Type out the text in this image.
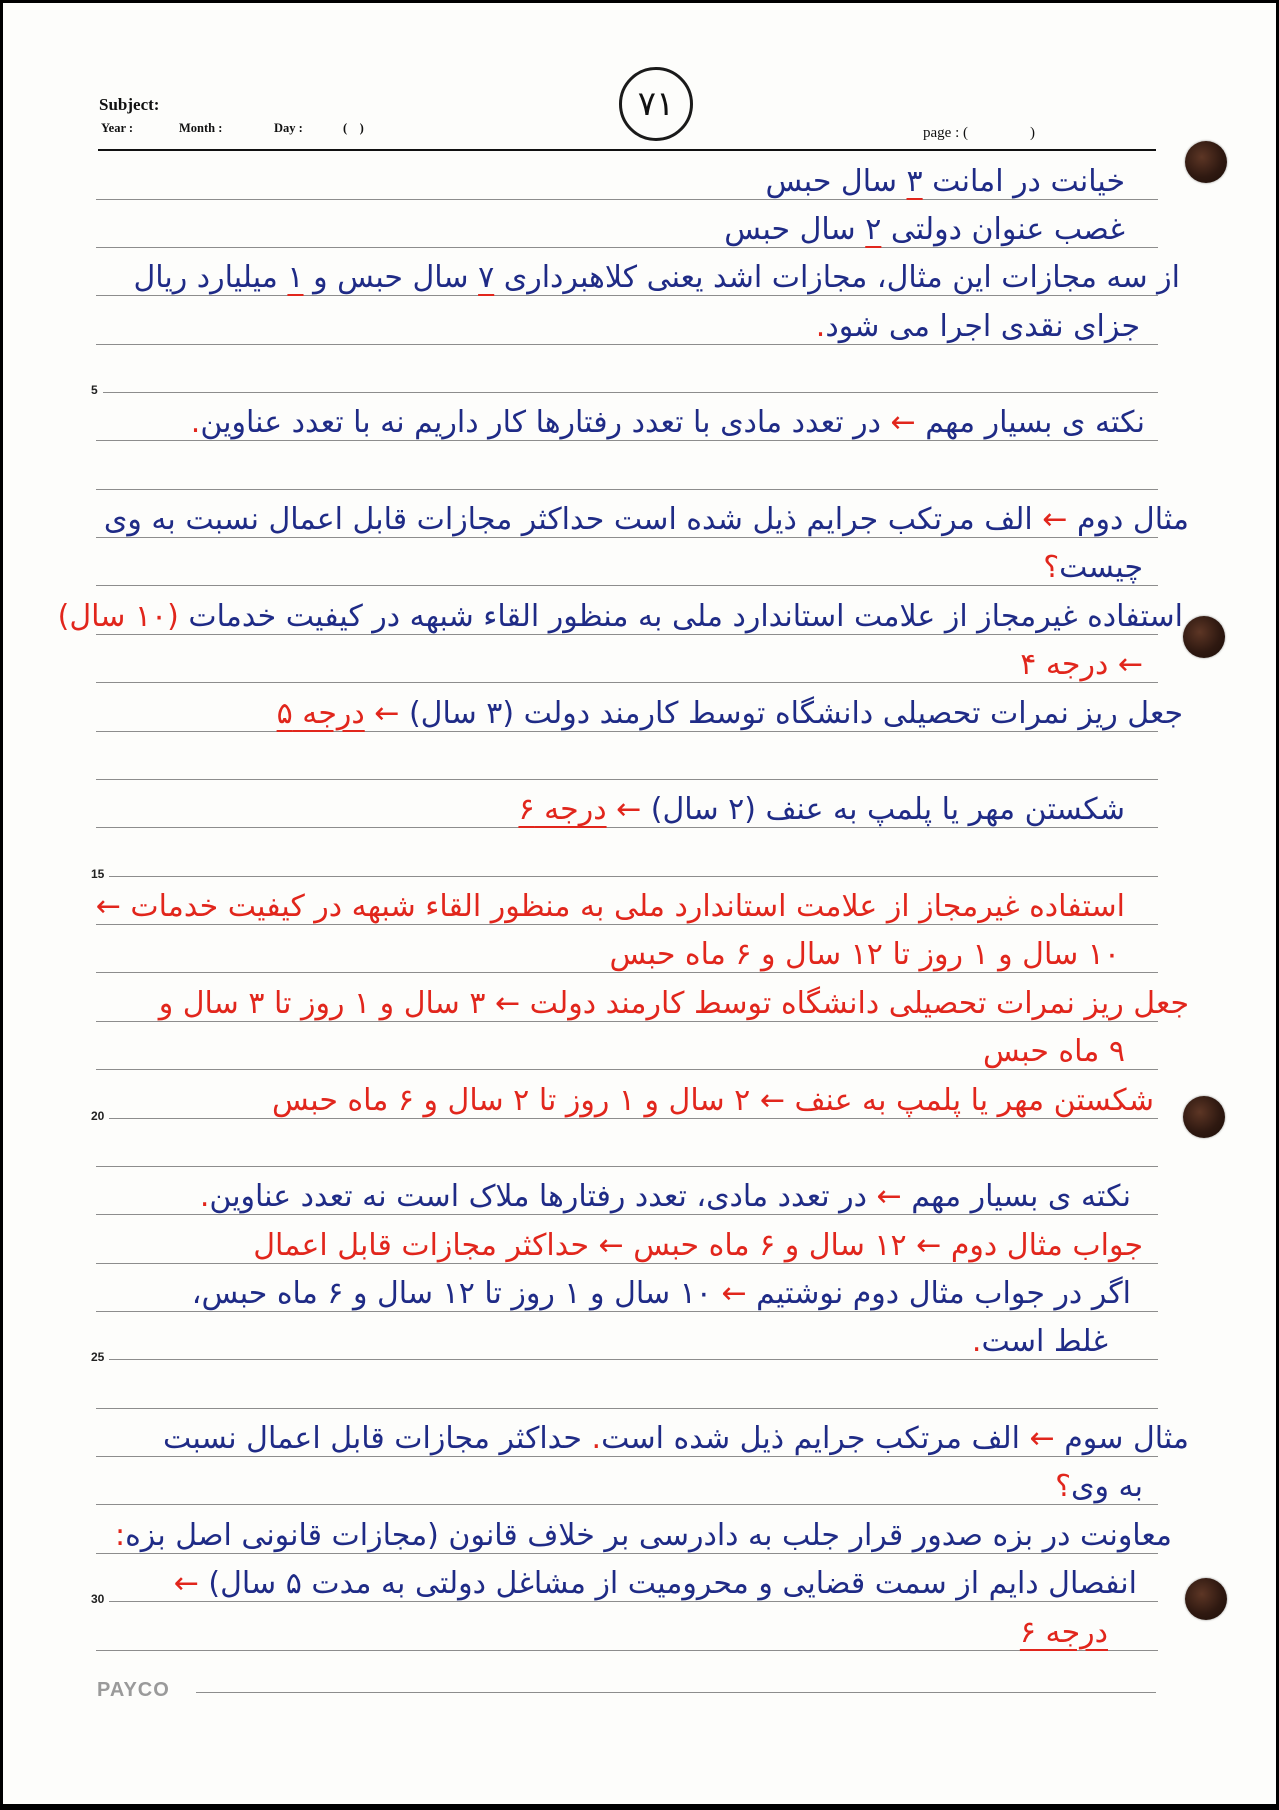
Subject:
Year :	Month :	Day :	(    )
۷۱
page : (	)
5
15
20
25
30
خیانت در امانت ۳ سال حبس
غصب عنوان دولتی ۲ سال حبس
از سه مجازات این مثال، مجازات اشد یعنی کلاهبرداری ۷ سال حبس و ۱ میلیارد ریال
جزای نقدی اجرا می شود.
نکته ی بسیار مهم ← در تعدد مادی با تعدد رفتارها کار داریم نه با تعدد عناوین.
مثال دوم ← الف مرتکب جرایم ذیل شده است حداکثر مجازات قابل اعمال نسبت به وی
چیست؟
استفاده غیرمجاز از علامت استاندارد ملی به منظور القاء شبهه در کیفیت خدمات (۱۰ سال)
← درجه ۴
جعل ریز نمرات تحصیلی دانشگاه توسط کارمند دولت (۳ سال) ← درجه ۵
شکستن مهر یا پلمپ به عنف (۲ سال) ← درجه ۶
استفاده غیرمجاز از علامت استاندارد ملی به منظور القاء شبهه در کیفیت خدمات ←
۱۰ سال و ۱ روز تا ۱۲ سال و ۶ ماه حبس
جعل ریز نمرات تحصیلی دانشگاه توسط کارمند دولت ← ۳ سال و ۱ روز تا ۳ سال و
۹ ماه حبس
شکستن مهر یا پلمپ به عنف ← ۲ سال و ۱ روز تا ۲ سال و ۶ ماه حبس
نکته ی بسیار مهم ← در تعدد مادی، تعدد رفتارها ملاک است نه تعدد عناوین.
جواب مثال دوم ← ۱۲ سال و ۶ ماه حبس ← حداکثر مجازات قابل اعمال
اگر در جواب مثال دوم نوشتیم ← ۱۰ سال و ۱ روز تا ۱۲ سال و ۶ ماه حبس،
غلط است.
مثال سوم ← الف مرتکب جرایم ذیل شده است. حداکثر مجازات قابل اعمال نسبت
به وی؟
معاونت در بزه صدور قرار جلب به دادرسی بر خلاف قانون (مجازات قانونی اصل بزه:
انفصال دایم از سمت قضایی و محرومیت از مشاغل دولتی به مدت ۵ سال) ←
درجه ۶
PAYCO
